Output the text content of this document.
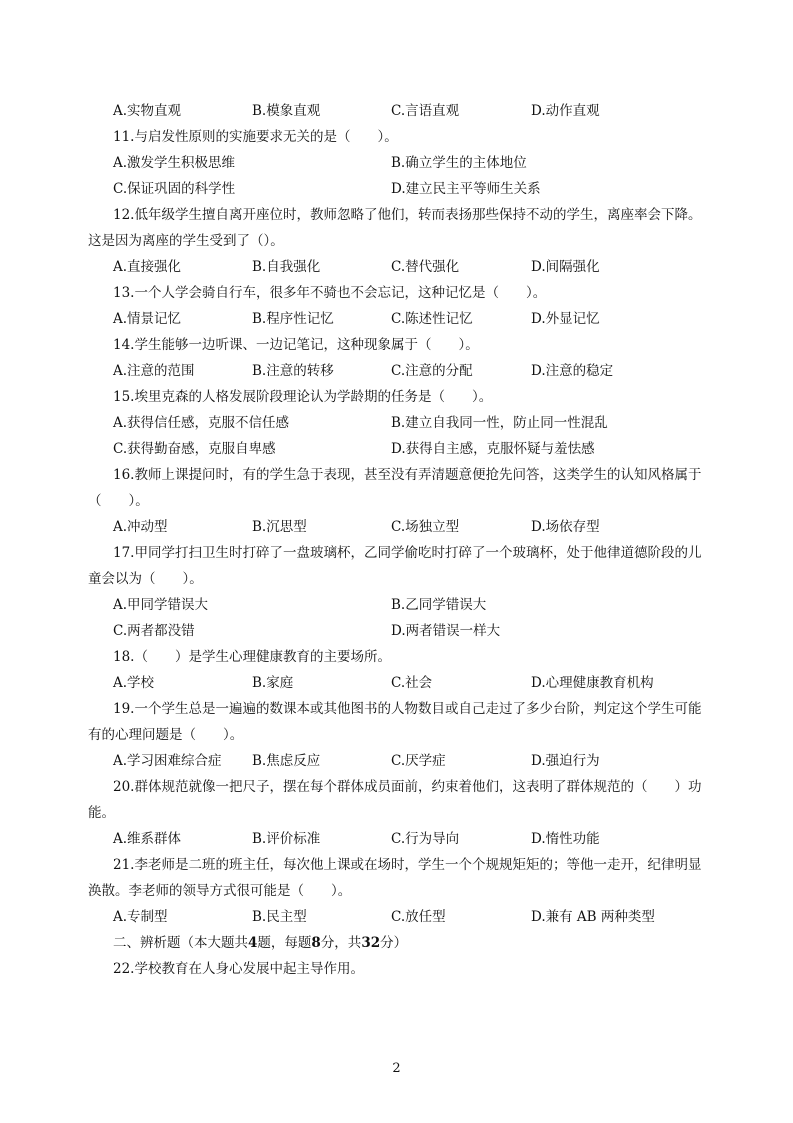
A.实物直观	B.模象直观	C.言语直观	D.动作直观
11.与启发性原则的实施要求无关的是（　　）。
A.激发学生积极思维	B.确立学生的主体地位
C.保证巩固的科学性	D.建立民主平等师生关系
12.低年级学生擅自离开座位时，教师忽略了他们，转而表扬那些保持不动的学生，离座率会下降。
这是因为离座的学生受到了（）。
A.直接强化	B.自我强化	C.替代强化	D.间隔强化
13.一个人学会骑自行车，很多年不骑也不会忘记，这种记忆是（　　）。
A.情景记忆	B.程序性记忆	C.陈述性记忆	D.外显记忆
14.学生能够一边听课、一边记笔记，这种现象属于（　　）。
A.注意的范围	B.注意的转移	C.注意的分配	D.注意的稳定
15.埃里克森的人格发展阶段理论认为学龄期的任务是（　　）。
A.获得信任感，克服不信任感	B.建立自我同一性，防止同一性混乱
C.获得勤奋感，克服自卑感	D.获得自主感，克服怀疑与羞怯感
16.教师上课提问时，有的学生急于表现，甚至没有弄清题意便抢先问答，这类学生的认知风格属于
（　　）。
A.冲动型	B.沉思型	C.场独立型	D.场依存型
17.甲同学打扫卫生时打碎了一盘玻璃杯，乙同学偷吃时打碎了一个玻璃杯，处于他律道德阶段的儿
童会以为（　　）。
A.甲同学错误大	B.乙同学错误大
C.两者都没错	D.两者错误一样大
18.（　　）是学生心理健康教育的主要场所。
A.学校	B.家庭	C.社会	D.心理健康教育机构
19.一个学生总是一遍遍的数课本或其他图书的人物数目或自己走过了多少台阶，判定这个学生可能
有的心理问题是（　　）。
A.学习困难综合症 B.焦虑反应	C.厌学症	D.强迫行为
20.群体规范就像一把尺子，摆在每个群体成员面前，约束着他们，这表明了群体规范的（　　）功
能。
A.维系群体	B.评价标准	C.行为导向	D.惰性功能
21.李老师是二班的班主任，每次他上课或在场时，学生一个个规规矩矩的；等他一走开，纪律明显
涣散。李老师的领导方式很可能是（　　）。
A.专制型	B.民主型	C.放任型	D.兼有 AB 两种类型
二、辨析题（本大题共4题，每题8分，共32分）
22.学校教育在人身心发展中起主导作用。
2
